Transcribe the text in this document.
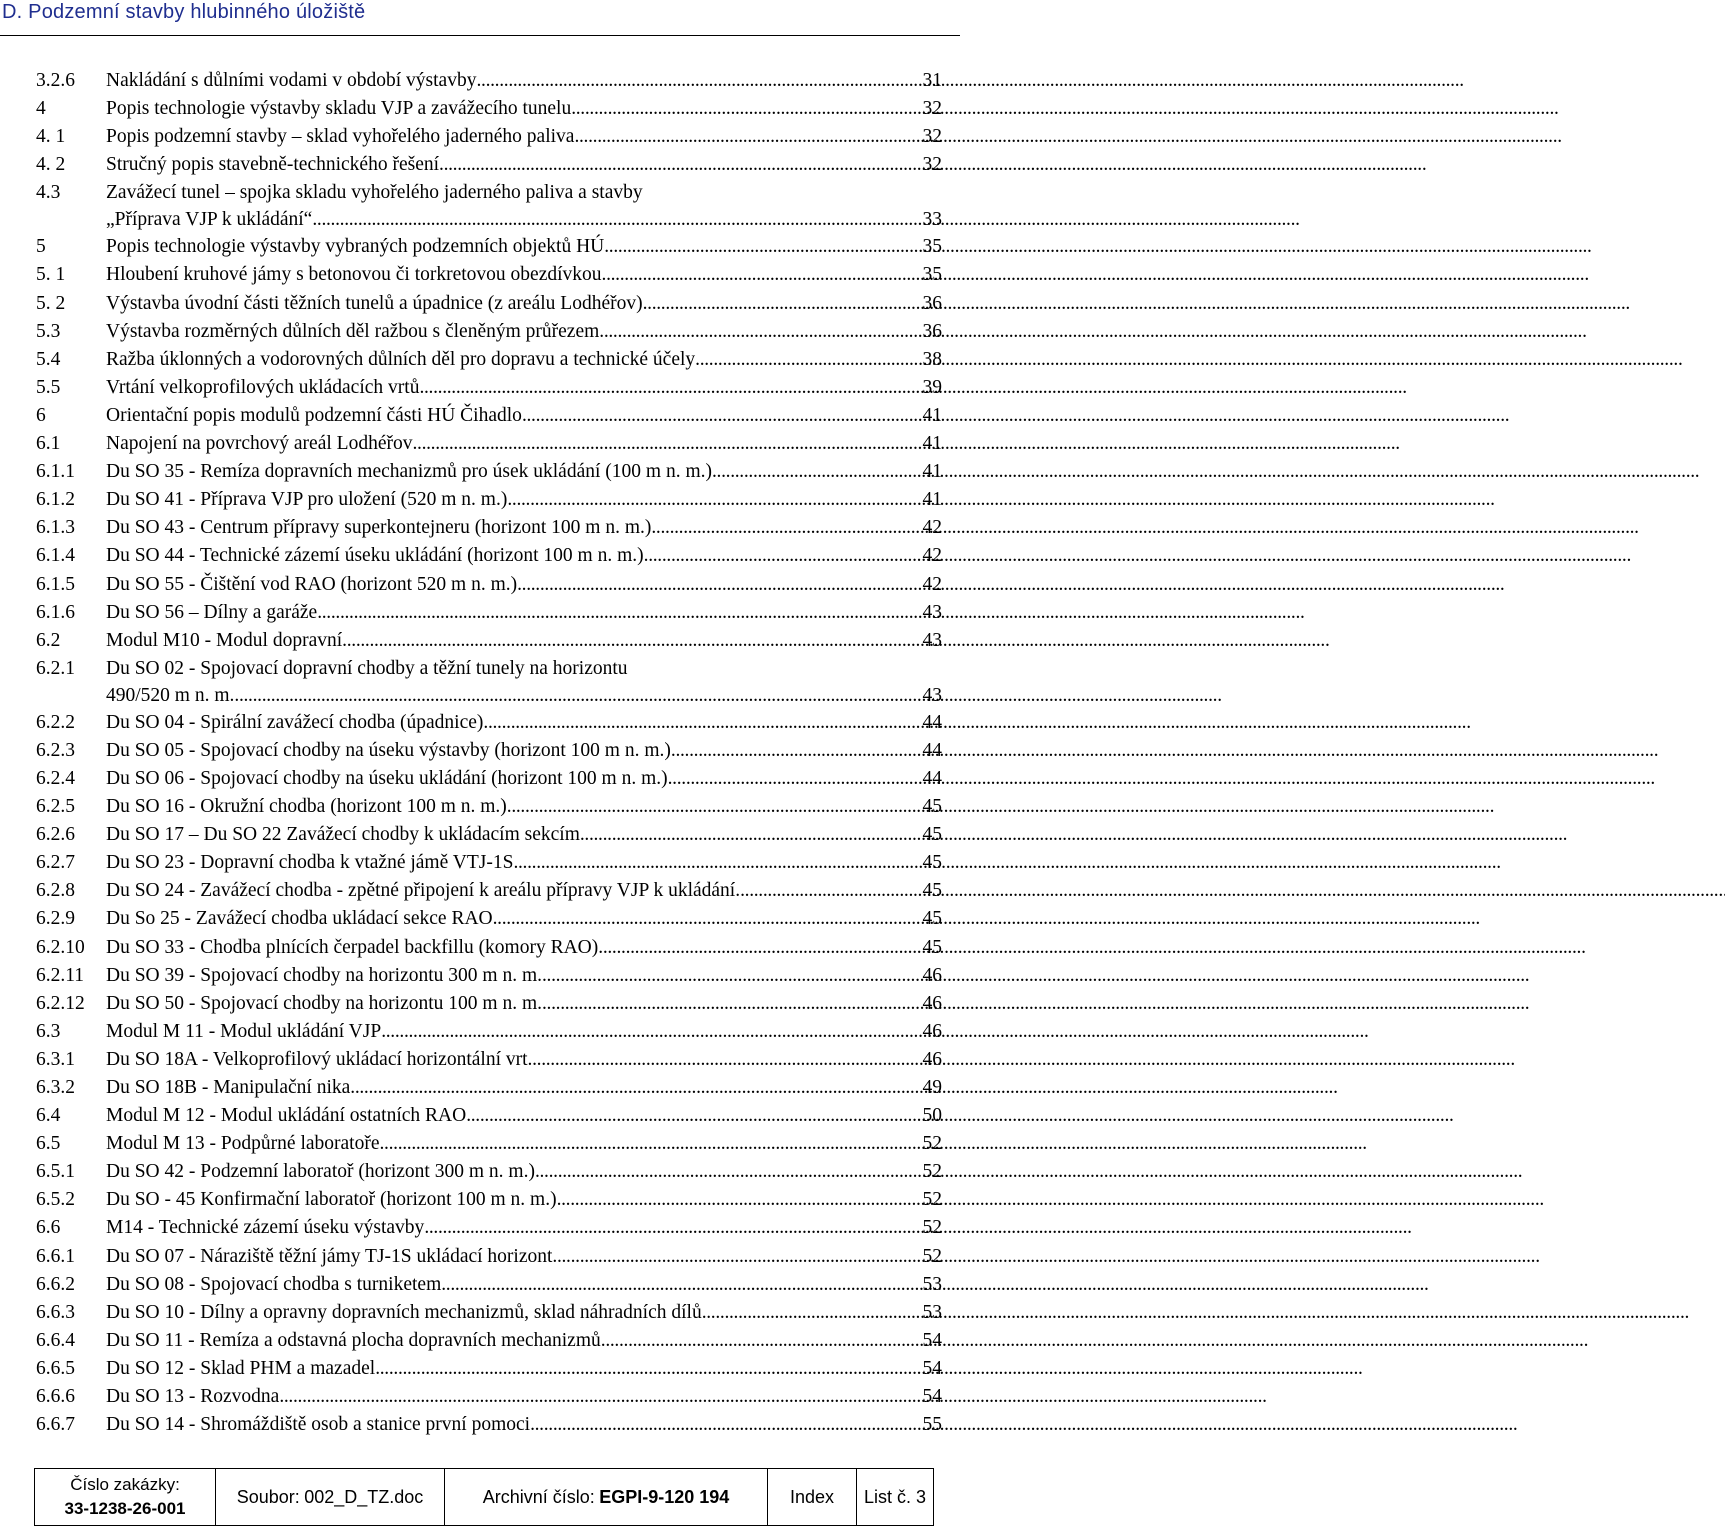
D. Podzemní stavby hlubinného úložiště
3.2.6	Nakládání s důlními vodami v období výstavby . . .	31
4	Popis technologie výstavby skladu VJP a zavážecího tunelu . . .	32
4. 1	Popis podzemní stavby – sklad vyhořelého jaderného paliva . . .	32
4. 2	Stručný popis stavebně-technického řešení . . .	32
4.3	Zavážecí tunel – spojka skladu vyhořelého jaderného paliva a stavby
„Příprava VJP k ukládání“ . . .	33
5	Popis technologie výstavby vybraných podzemních objektů HÚ . . .	35
5. 1	Hloubení kruhové jámy s betonovou či torkretovou obezdívkou . . .	35
5. 2	Výstavba úvodní části těžních tunelů a úpadnice (z areálu Lodhéřov) . . .	36
5.3	Výstavba rozměrných důlních děl ražbou s členěným průřezem . . .	36
5.4	Ražba úklonných a vodorovných důlních děl pro dopravu a technické účely . . .	38
5.5	Vrtání velkoprofilových ukládacích vrtů . . .	39
6	Orientační popis modulů podzemní části HÚ Čihadlo . . .	41
6.1	Napojení na povrchový areál Lodhéřov . . .	41
6.1.1	Du SO 35 - Remíza dopravních mechanizmů pro úsek ukládání (100 m n. m.) . . .	41
6.1.2	Du SO 41 - Příprava VJP pro uložení (520 m n. m.) . . .	41
6.1.3	Du SO 43 - Centrum přípravy superkontejneru (horizont 100 m n. m.) . . .	42
6.1.4	Du SO 44 - Technické zázemí úseku ukládání (horizont 100 m n. m.) . . .	42
6.1.5	Du SO 55 - Čištění vod RAO (horizont 520 m n. m.) . . .	42
6.1.6	Du SO 56 – Dílny a garáže . . .	43
6.2	Modul M10 - Modul dopravní . . .	43
6.2.1	Du SO 02 - Spojovací dopravní chodby a těžní tunely na horizontu
490/520 m n. m. . . .	43
6.2.2	Du SO 04 - Spirální zavážecí chodba (úpadnice) . . .	44
6.2.3	Du SO 05 - Spojovací chodby na úseku výstavby (horizont 100 m n. m.) . . .	44
6.2.4	Du SO 06 - Spojovací chodby na úseku ukládání (horizont 100 m n. m.) . . .	44
6.2.5	Du SO 16 - Okružní chodba (horizont 100 m n. m.) . . .	45
6.2.6	Du SO 17 – Du SO 22 Zavážecí chodby k ukládacím sekcím . . .	45
6.2.7	Du SO 23 - Dopravní chodba k vtažné jámě VTJ-1S . . .	45
6.2.8	Du SO 24 - Zavážecí chodba - zpětné připojení k areálu přípravy VJP k ukládání. . . .	45
6.2.9	Du So 25 - Zavážecí chodba ukládací sekce RAO . . .	45
6.2.10	Du SO 33 - Chodba plnících čerpadel backfillu (komory RAO) . . .	45
6.2.11	Du SO 39 - Spojovací chodby na horizontu 300 m n. m. . . .	46
6.2.12	Du SO 50 - Spojovací chodby na horizontu 100 m n. m. . . .	46
6.3	Modul M 11 - Modul ukládání VJP . . .	46
6.3.1	Du SO 18A - Velkoprofilový ukládací horizontální vrt . . .	46
6.3.2	Du SO 18B - Manipulační nika . . .	49
6.4	Modul M 12 - Modul ukládání ostatních RAO . . .	50
6.5	Modul M 13 - Podpůrné laboratoře . . .	52
6.5.1	Du SO 42 - Podzemní laboratoř (horizont 300 m n. m.) . . .	52
6.5.2	Du SO - 45 Konfirmační laboratoř (horizont 100 m n. m.) . . .	52
6.6	M14 - Technické zázemí úseku výstavby . . .	52
6.6.1	Du SO 07 - Náraziště těžní jámy TJ-1S ukládací horizont . . .	52
6.6.2	Du SO 08 - Spojovací chodba s turniketem . . .	53
6.6.3	Du SO 10 - Dílny a opravny dopravních mechanizmů, sklad náhradních dílů . . .	53
6.6.4	Du SO 11 - Remíza a odstavná plocha dopravních mechanizmů . . .	54
6.6.5	Du SO 12 - Sklad PHM a mazadel . . .	54
6.6.6	Du SO 13 - Rozvodna . . .	54
6.6.7	Du SO 14 - Shromáždiště osob a stanice první pomoci . . .	55
Číslo zakázky:
33-1238-26-001
Soubor:
002_D_TZ.doc	Archivní číslo:
EGPI-9-120 194	Index List č. 3
